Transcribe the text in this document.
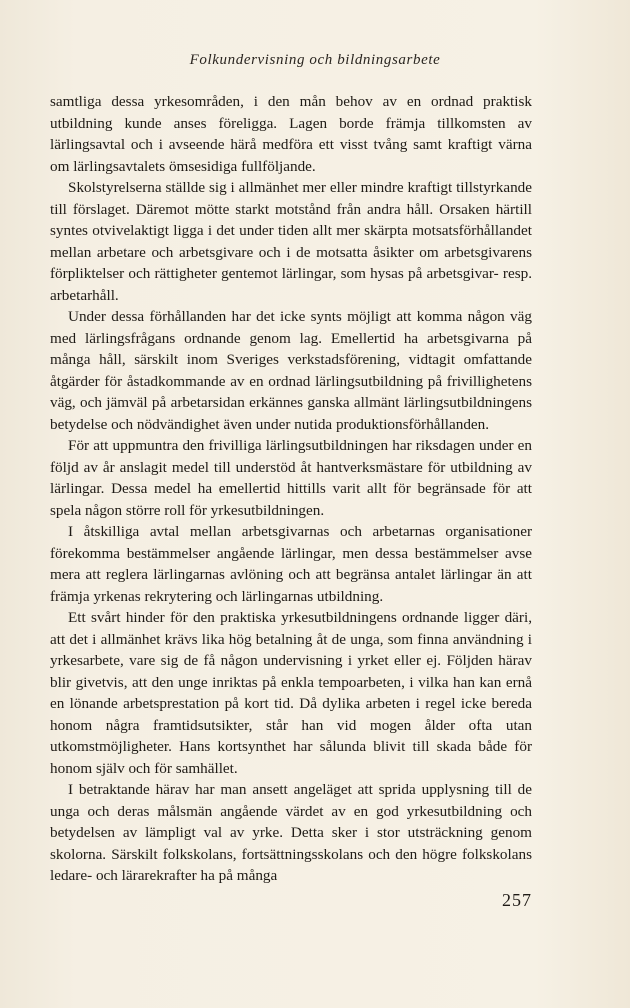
Folkundervisning och bildningsarbete

samtliga dessa yrkesområden, i den mån behov av en ordnad praktisk utbildning kunde anses föreligga. Lagen borde främja tillkomsten av lärlingsavtal och i avseende härå medföra ett visst tvång samt kraftigt värna om lärlingsavtalets ömsesidiga fullföljande.

Skolstyrelserna ställde sig i allmänhet mer eller mindre kraftigt tillstyrkande till förslaget. Däremot mötte starkt motstånd från andra håll. Orsaken härtill syntes otvivelaktigt ligga i det under tiden allt mer skärpta motsatsförhållandet mellan arbetare och arbetsgivare och i de motsatta åsikter om arbetsgivarens förpliktelser och rättigheter gentemot lärlingar, som hysas på arbetsgivar- resp. arbetarhåll.

Under dessa förhållanden har det icke synts möjligt att komma någon väg med lärlingsfrågans ordnande genom lag. Emellertid ha arbetsgivarna på många håll, särskilt inom Sveriges verkstadsförening, vidtagit omfattande åtgärder för åstadkommande av en ordnad lärlingsutbildning på frivillighetens väg, och jämväl på arbetarsidan erkännes ganska allmänt lärlingsutbildningens betydelse och nödvändighet även under nutida produktionsförhållanden.

För att uppmuntra den frivilliga lärlingsutbildningen har riksdagen under en följd av år anslagit medel till understöd åt hantverksmästare för utbildning av lärlingar. Dessa medel ha emellertid hittills varit allt för begränsade för att spela någon större roll för yrkesutbildningen.

I åtskilliga avtal mellan arbetsgivarnas och arbetarnas organisationer förekomma bestämmelser angående lärlingar, men dessa bestämmelser avse mera att reglera lärlingarnas avlöning och att begränsa antalet lärlingar än att främja yrkenas rekrytering och lärlingarnas utbildning.

Ett svårt hinder för den praktiska yrkesutbildningens ordnande ligger däri, att det i allmänhet krävs lika hög betalning åt de unga, som finna användning i yrkesarbete, vare sig de få någon undervisning i yrket eller ej. Följden härav blir givetvis, att den unge inriktas på enkla tempoarbeten, i vilka han kan ernå en lönande arbetsprestation på kort tid. Då dylika arbeten i regel icke bereda honom några framtidsutsikter, står han vid mogen ålder ofta utan utkomstmöjligheter. Hans kortsynthet har sålunda blivit till skada både för honom själv och för samhället.

I betraktande härav har man ansett angeläget att sprida upplysning till de unga och deras målsmän angående värdet av en god yrkesutbildning och betydelsen av lämpligt val av yrke. Detta sker i stor utsträckning genom skolorna. Särskilt folkskolans, fortsättningsskolans och den högre folkskolans ledare- och lärarekrafter ha på många

257
